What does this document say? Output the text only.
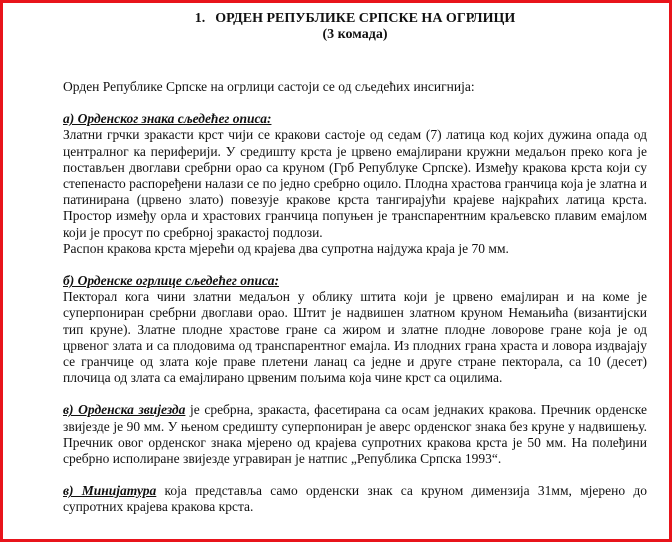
1. ОРДЕН РЕПУБЛИКЕ СРПСКЕ НА ОГРЛИЦИ

(3 комада)

Орден Републике Српске на огрлици састоји се од сљедећих инсигнија:

а) Орденског знака сљедећег описа:

Златни грчки зракасти крст чији се кракови састоје од седам (7) латица код којих дужина опада од централног ка периферији. У средишту крста је црвено емајлирани кружни медаљон преко кога је постављен двоглави сребрни орао са круном (Грб Републуке Српске). Између кракова крста који су степенасто распоређени налази се по једно сребрно оцило. Плодна храстова гранчица која је златна и патинирана (црвено злато) повезује кракове крста тангирајући крајеве најкраћих латица крста. Простор између орла и храстових гранчица попуњен је транспарентним краљевско плавим емајлом који је просут по сребрној зракастој подлози.

Распон кракова крста мјерећи од крајева два супротна најдужа краја је 70 мм.

б) Орденске огрлице сљедећег описа:

Пекторал кога чини златни медаљон у облику штита који је црвено емајлиран и на коме је суперпониран сребрни двоглави орао. Штит је надвишен златном круном Немањића (византијски тип круне). Златне плодне храстове гране са жиром и златне плодне ловорове гране која је од црвеног злата и са плодовима од транспарентног емајла. Из плодних грана храста и ловора издвајају се гранчице од злата које праве плетени ланац са једне и друге стране пекторала, са 10 (десет) плочица од злата са емајлирано црвеним пољима која чине крст са оцилима.

в) Орденска звијезда је сребрна, зракаста, фасетирана са осам једнаких кракова. Пречник орденске звијезде је 90 мм. У њеном средишту суперпониран је аверс орденског знака без круне у надвишењу. Пречник овог орденског знака мјерено од крајева супротних кракова крста је 50 мм. На полеђини сребрно исполиране звијезде угравиран је натпис „Република Српска 1993“.

в) Минијатура која представља само орденски знак са круном димензија 31мм, мјерено до супротних крајева кракова крста.
